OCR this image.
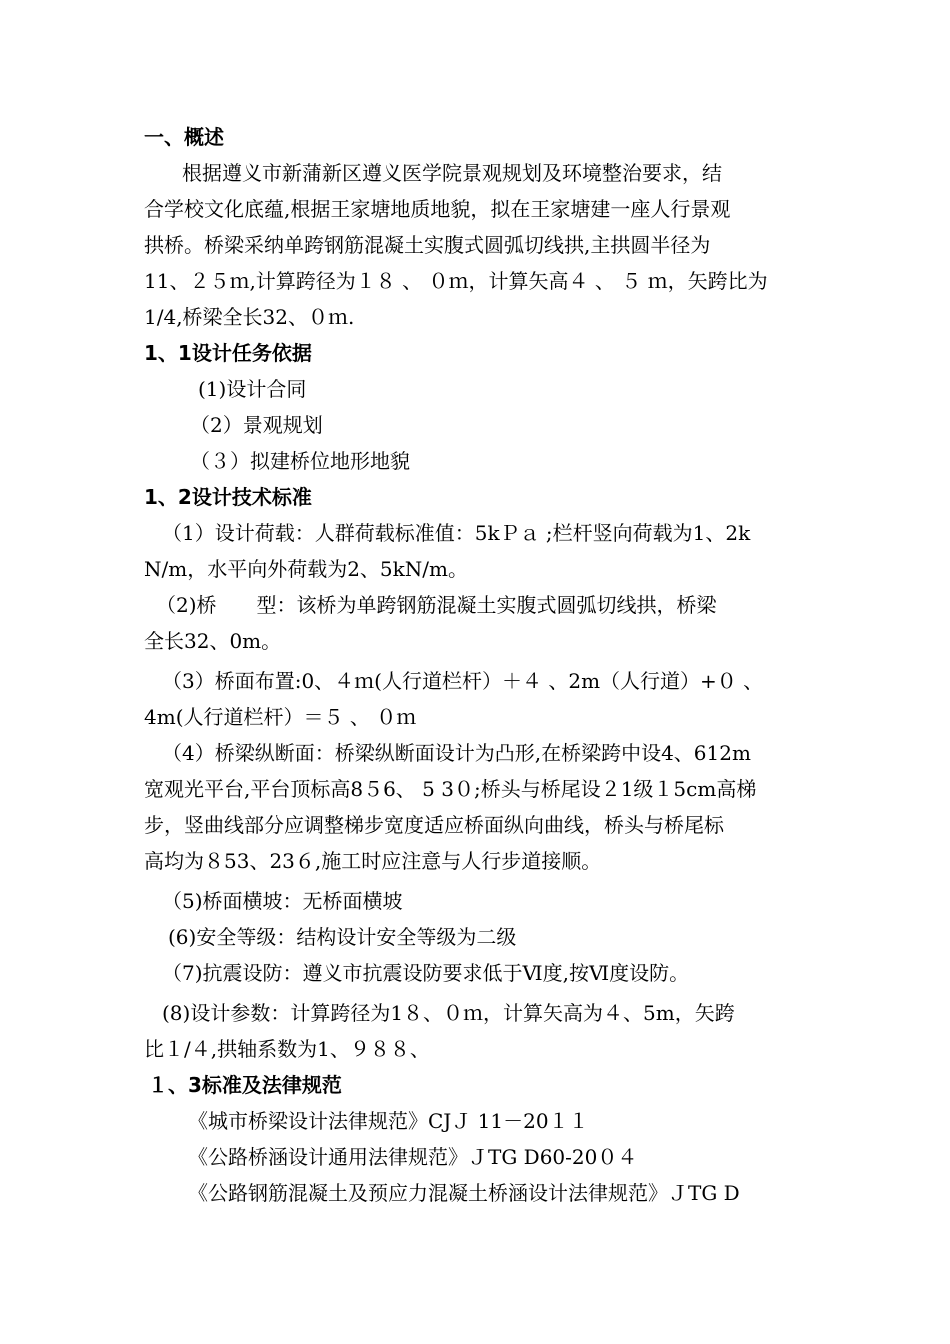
一、概述
根据遵义市新蒲新区遵义医学院景观规划及环境整治要求，结
合学校文化底蕴,根据王家塘地质地貌，拟在王家塘建一座人行景观
拱桥。桥梁采纳单跨钢筋混凝土实腹式圆弧切线拱,主拱圆半径为
11、２５ｍ,计算跨径为１８ 、 ０ｍ，计算矢高４ 、 ５ ｍ，矢跨比为
1/4,桥梁全长32、０ｍ.
1、1设计任务依据
(1)设计合同
（2）景观规划
（３）拟建桥位地形地貌
1、2设计技术标准
（1）设计荷载：人群荷载标准值：5kＰａ ;栏杆竖向荷载为1、2k
N/m，水平向外荷载为2、5kN/m。
（2)桥　　型：该桥为单跨钢筋混凝土实腹式圆弧切线拱，桥梁
全长32、0m。
（3）桥面布置:0、４ｍ(人行道栏杆）＋４ 、2m（人行道）+０ 、
4m(人行道栏杆）＝５ 、 ０ｍ
（4）桥梁纵断面：桥梁纵断面设计为凸形,在桥梁跨中设4、612m
宽观光平台,平台顶标高8５6、 5 3０;桥头与桥尾设２1级１5cm高梯
步，竖曲线部分应调整梯步宽度适应桥面纵向曲线，桥头与桥尾标
高均为８53、23６,施工时应注意与人行步道接顺。
（5)桥面横坡：无桥面横坡
(6)安全等级：结构设计安全等级为二级
（7)抗震设防：遵义市抗震设防要求低于Ⅵ度,按Ⅵ度设防。
(8)设计参数：计算跨径为1８、０ｍ，计算矢高为４、5m，矢跨
比１/４,拱轴系数为1、９８８、
１、3标准及法律规范
《城市桥梁设计法律规范》CJＪ 11－20１１
《公路桥涵设计通用法律规范》ＪTG D60-20０４
《公路钢筋混凝土及预应力混凝土桥涵设计法律规范》ＪTG D
